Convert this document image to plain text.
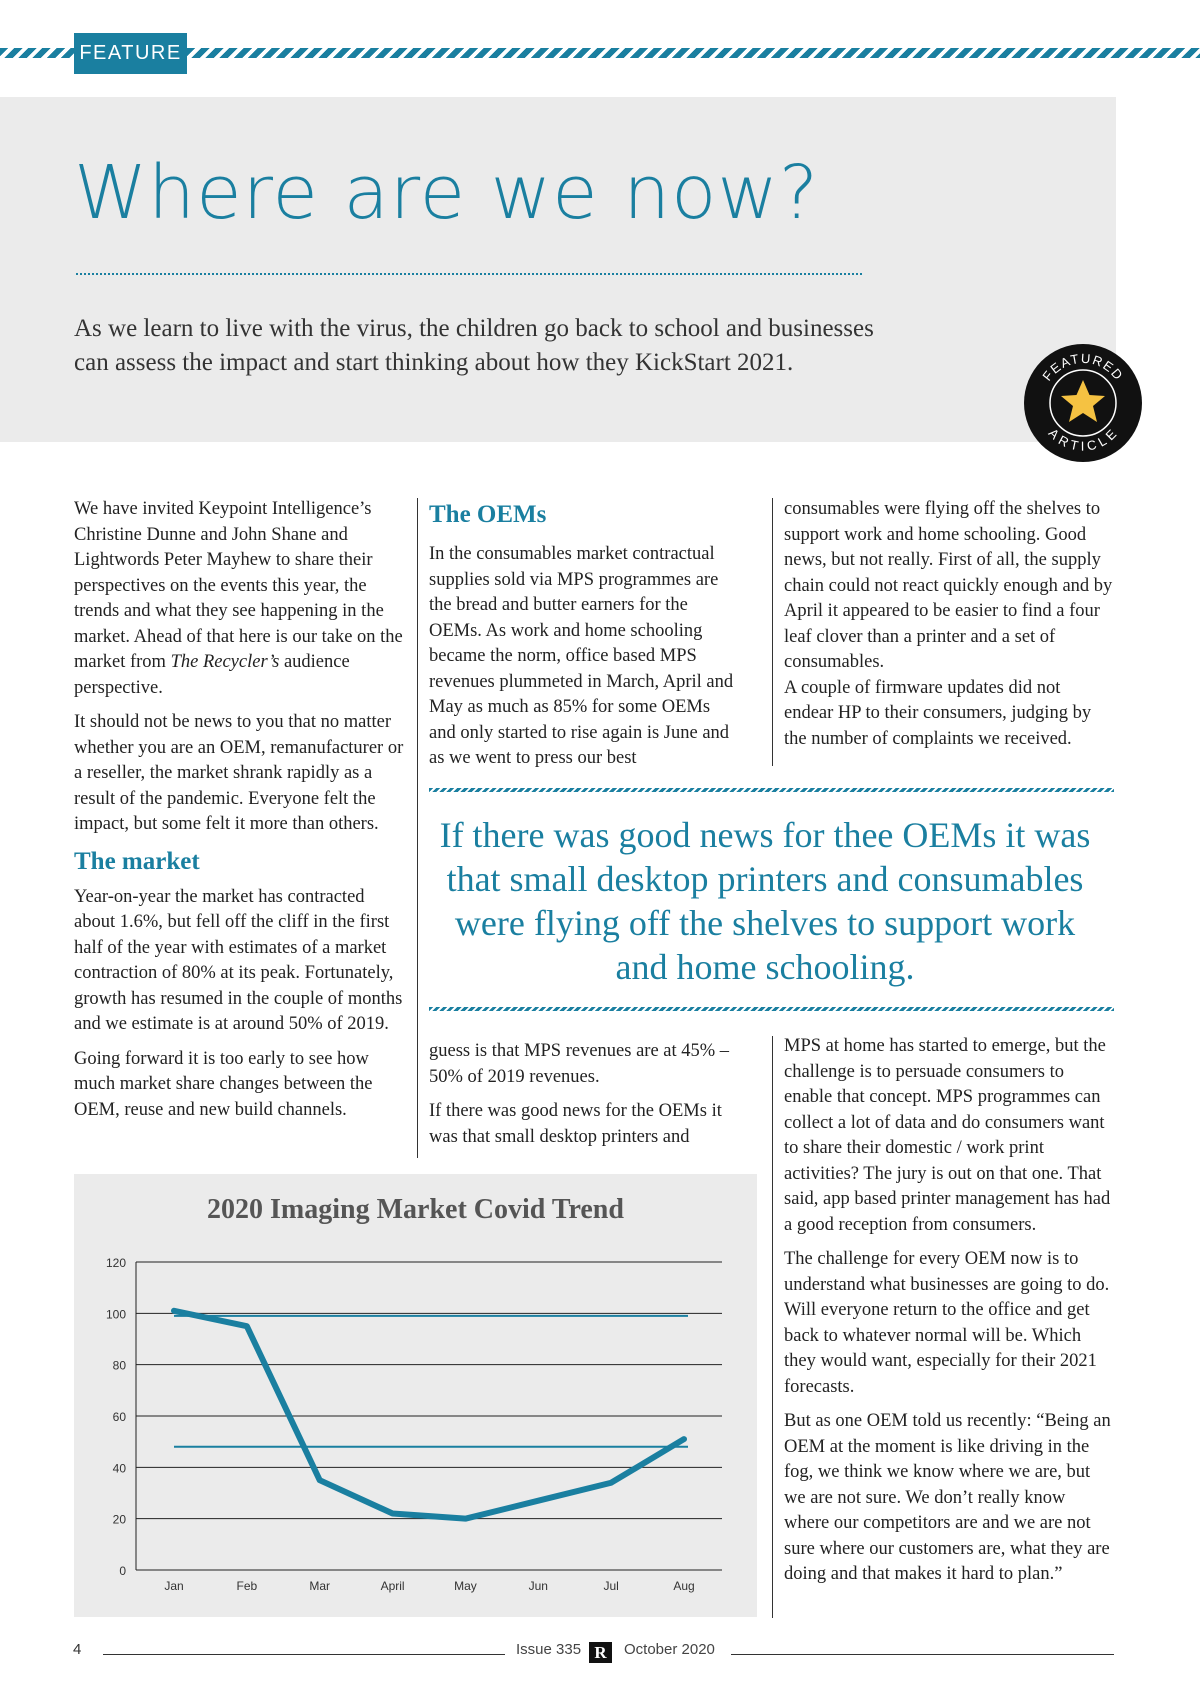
FEATURE
Where are we now?
As we learn to live with the virus, the children go back to school and businesses can assess the impact and start thinking about how they KickStart 2021.	FEATURED
ARTICLE

We have invited Keypoint Intelligence’s Christine Dunne and John Shane and Lightwords Peter Mayhew to share their perspectives on the events this year, the trends and what they see happening in the market. Ahead of that here is our take on the market from The Recycler’s audience perspective.

It should not be news to you that no matter whether you are an OEM, remanufacturer or a reseller, the market shrank rapidly as a result of the pandemic. Everyone felt the impact, but some felt it more than others.

The market

Year-on-year the market has contracted about 1.6%, but fell off the cliff in the first half of the year with estimates of a market contraction of 80% at its peak. Fortunately, growth has resumed in the couple of months and we estimate is at around 50% of 2019.

Going forward it is too early to see how much market share changes between the OEM, reuse and new build channels.

The OEMs

In the consumables market contractual supplies sold via MPS programmes are the bread and butter earners for the OEMs. As work and home schooling became the norm, office based MPS revenues plummeted in March, April and May as much as 85% for some OEMs and only started to rise again is June and as we went to press our best

consumables were flying off the shelves to support work and home schooling. Good news, but not really. First of all, the supply chain could not react quickly enough and by April it appeared to be easier to find a four leaf clover than a printer and a set of consumables.

A couple of firmware updates did not endear HP to their consumers, judging by the number of complaints we received.

If there was good news for thee OEMs it was that small desktop printers and consumables were flying off the shelves to support work and home schooling.

guess is that MPS revenues are at 45% – 50% of 2019 revenues.

If there was good news for the OEMs it was that small desktop printers and

MPS at home has started to emerge, but the challenge is to persuade consumers to enable that concept. MPS programmes can collect a lot of data and do consumers want to share their domestic / work print activities? The jury is out on that one. That said, app based printer management has had a good reception from consumers.

The challenge for every OEM now is to understand what businesses are going to do. Will everyone return to the office and get back to whatever normal will be. Which they would want, especially for their 2021 forecasts.

But as one OEM told us recently: “Being an OEM at the moment is like driving in the fog, we think we know where we are, but we are not sure. We don’t really know where our competitors are and we are not sure where our customers are, what they are doing and that makes it hard to plan.”

2020 Imaging Market Covid Trend
0
20
40
60
80
100
120
Jan	Feb	Mar	April	May	Jun	Jul	Aug
4	Issue 335 R	October 2020
